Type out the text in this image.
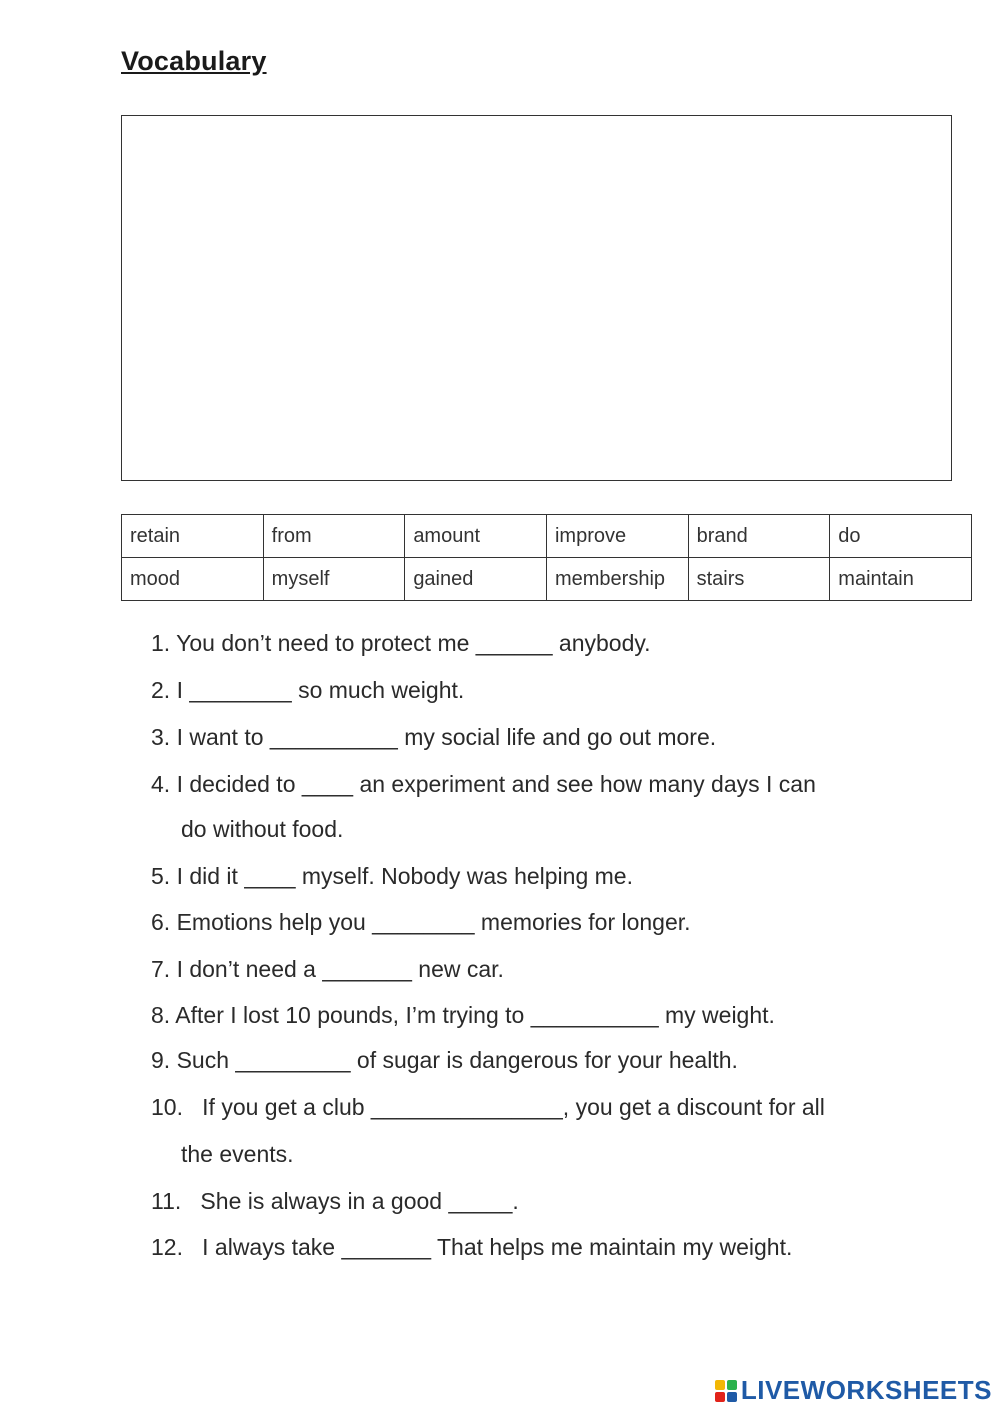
Vocabulary
retain	from	amount	improve	brand	do
mood	myself	gained	membership	stairs	maintain
1. You don’t need to protect me ______ anybody.
2. I ________ so much weight.
3. I want to __________ my social life and go out more.
4. I decided to ____ an experiment and see how many days I can
do without food.
5. I did it ____ myself. Nobody was helping me.
6. Emotions help you ________ memories for longer.
7. I don’t need a _______ new car.
8. After I lost 10 pounds, I’m trying to __________ my weight.
9. Such _________ of sugar is dangerous for your health.
10.   If you get a club _______________, you get a discount for all
the events.
11.   She is always in a good _____.
12.   I always take _______ That helps me maintain my weight.
LIVEWORKSHEETS
